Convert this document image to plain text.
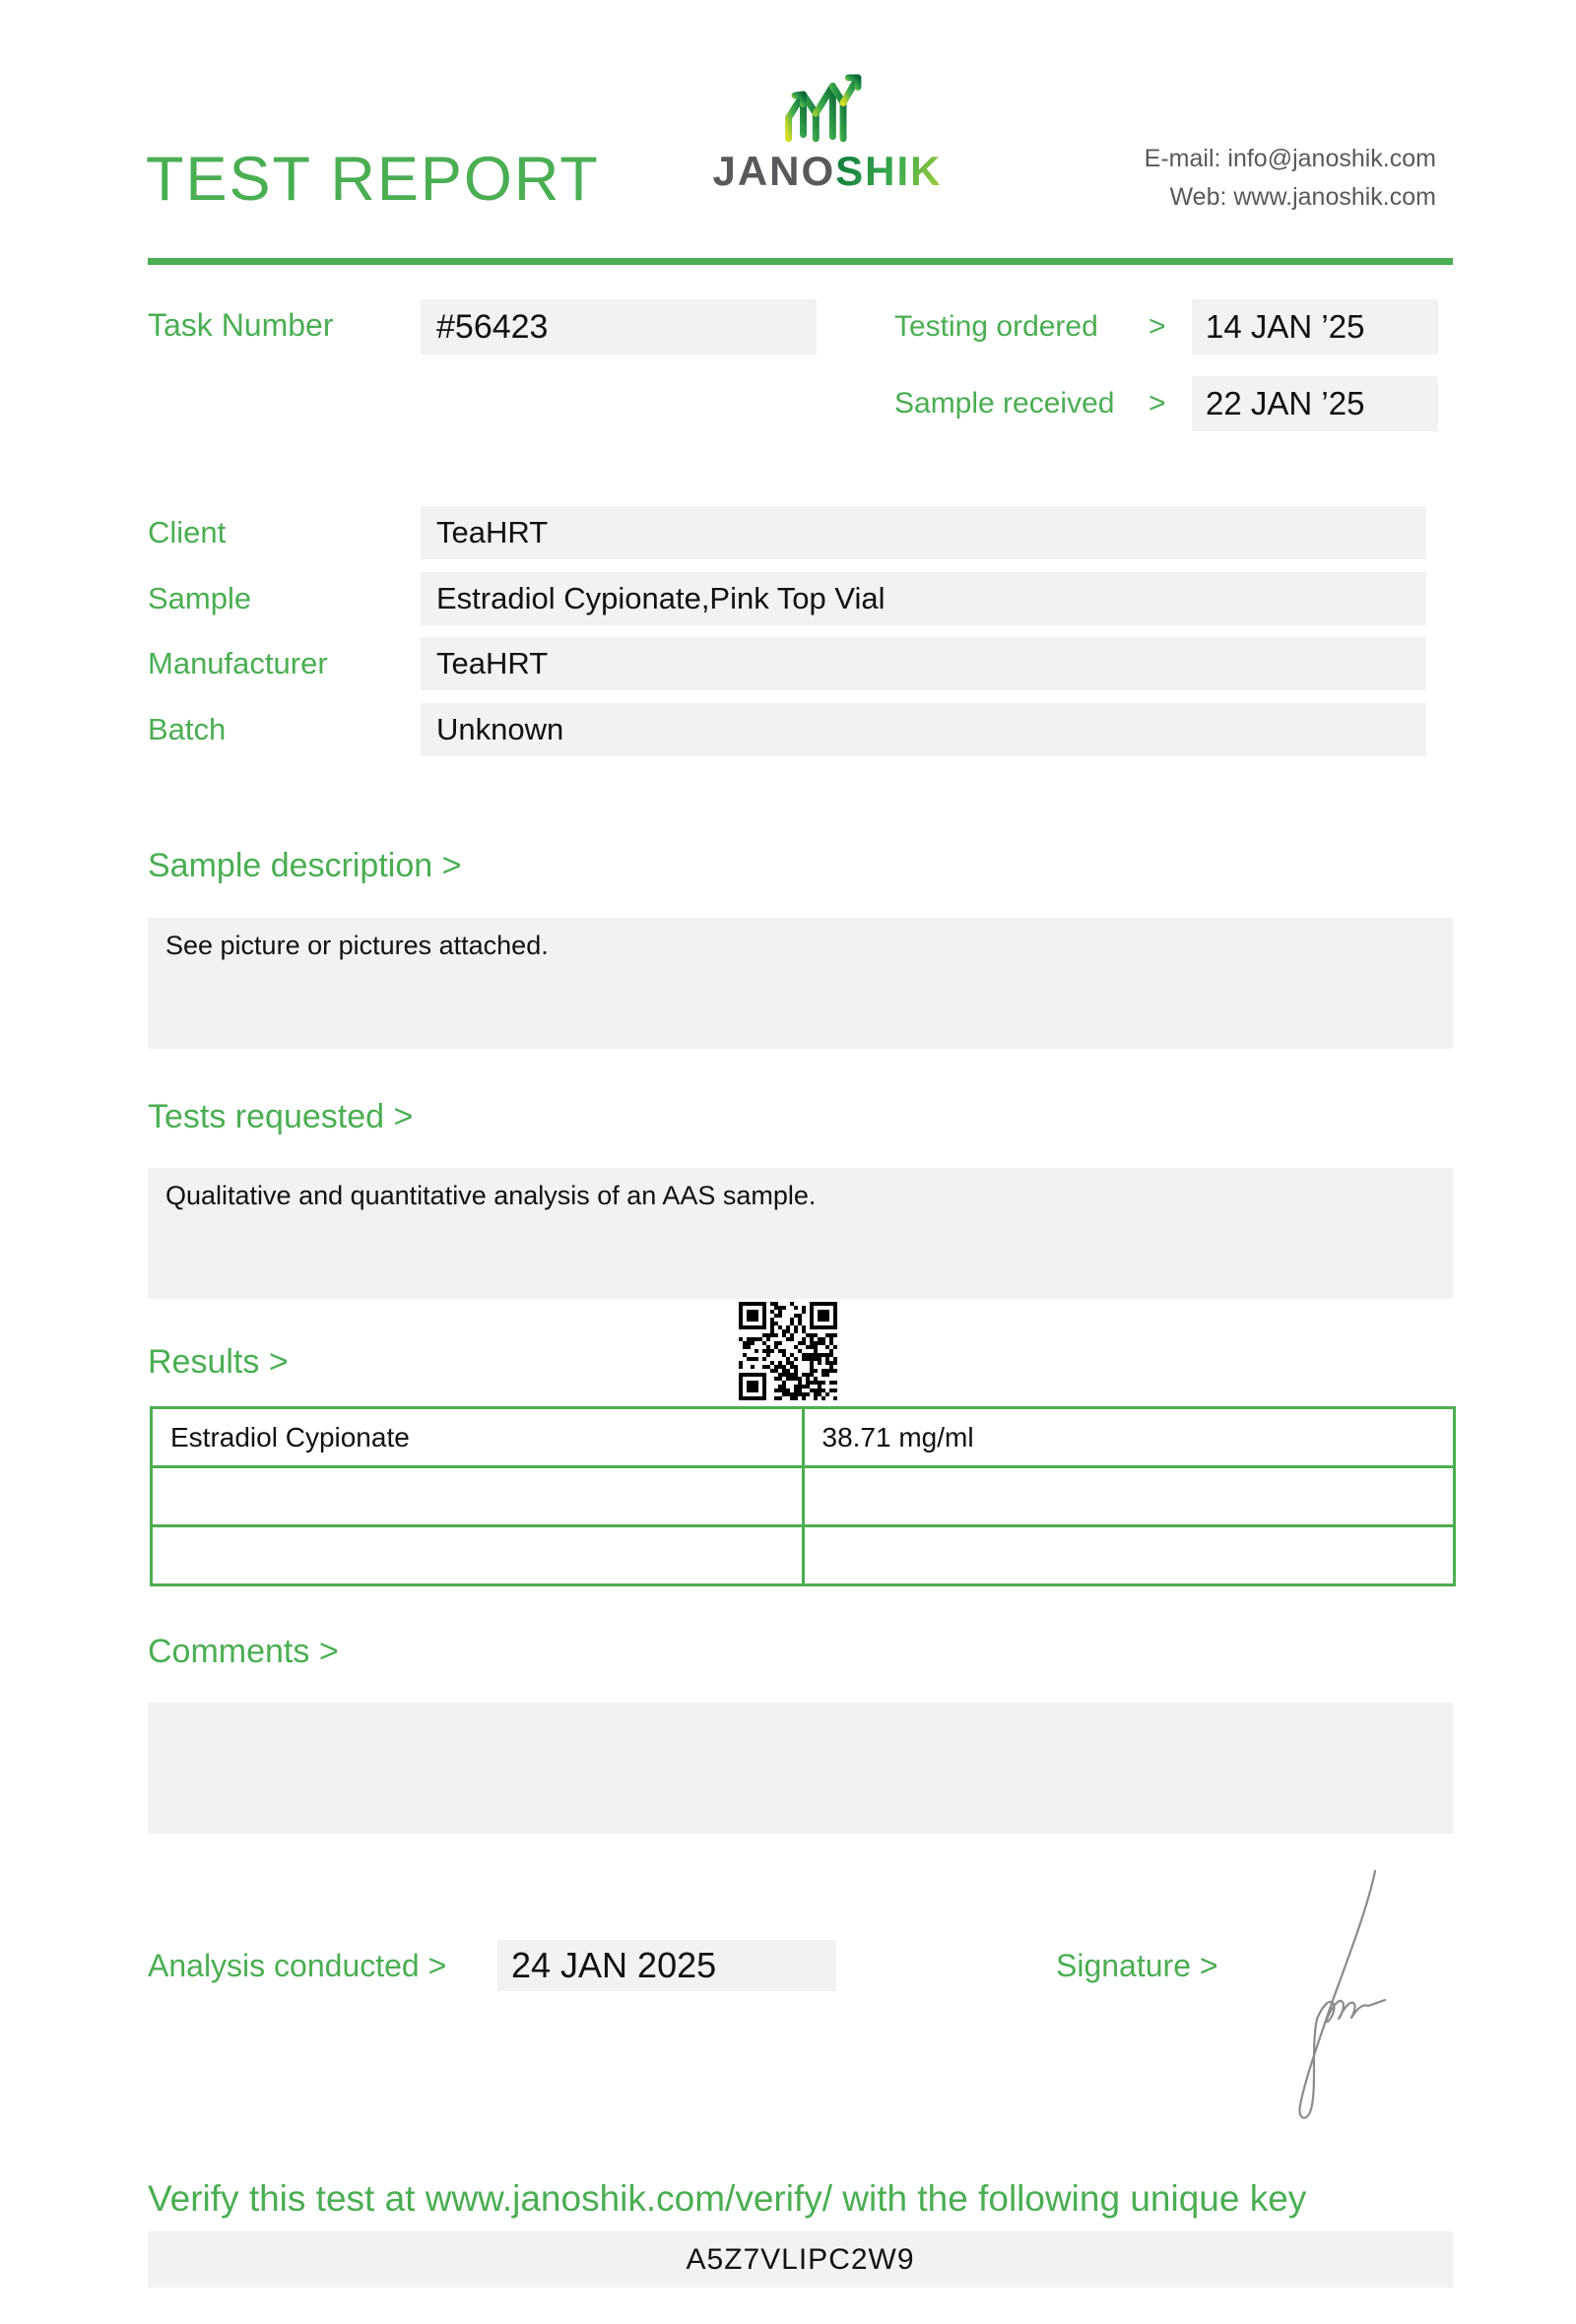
TEST REPORT	JANOSHIK	E-mail: info@janoshik.com
Web: www.janoshik.com
Task Number	#56423	Testing ordered	>	14 JAN ’25
Sample received	>	22 JAN ’25
Client	TeaHRT
Sample	Estradiol Cypionate,Pink Top Vial
Manufacturer	TeaHRT
Batch	Unknown
Sample description >
See picture or pictures attached.
Tests requested >
Qualitative and quantitative analysis of an AAS sample.
Results >
Estradiol Cypionate	38.71 mg/ml

Comments >
Analysis conducted >	24 JAN 2025	Signature >
Verify this test at www.janoshik.com/verify/ with the following unique key
A5Z7VLIPC2W9
